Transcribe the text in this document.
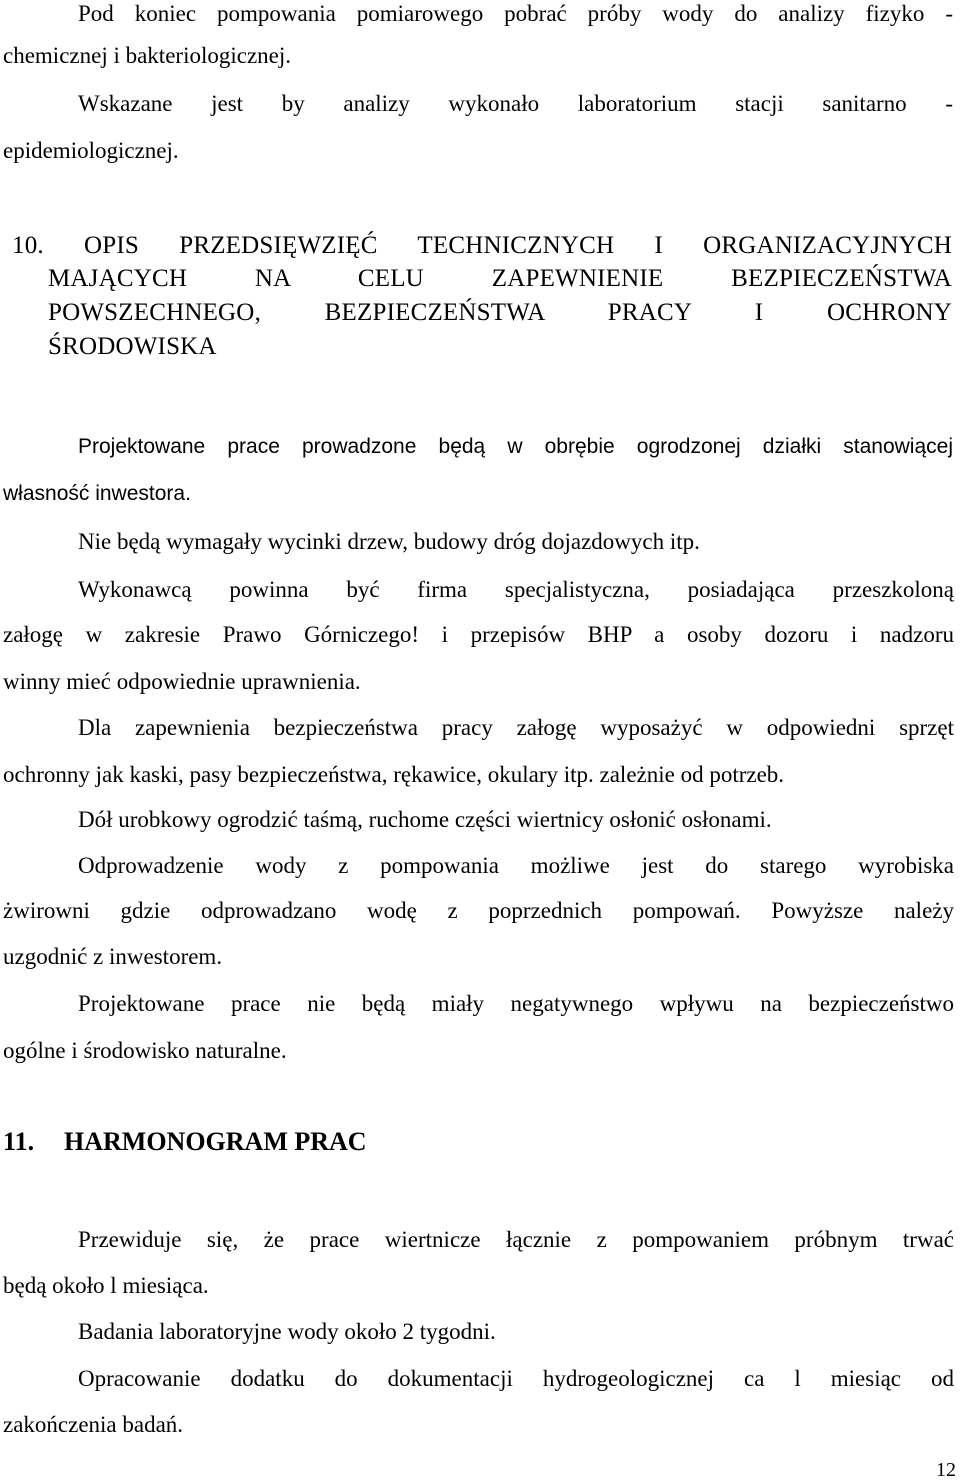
Pod koniec pompowania pomiarowego pobrać próby wody do analizy fizyko -

chemicznej i bakteriologicznej.

Wskazane jest by analizy wykonało laboratorium stacji sanitarno -

epidemiologicznej.

10. OPIS PRZEDSIĘWZIĘĆ TECHNICZNYCH I ORGANIZACYJNYCH

MAJĄCYCH NA CELU ZAPEWNIENIE BEZPIECZEŃSTWA

POWSZECHNEGO, BEZPIECZEŃSTWA PRACY I OCHRONY

ŚRODOWISKA

Projektowane prace prowadzone będą w obrębie ogrodzonej działki stanowiącej

własność inwestora.

Nie będą wymagały wycinki drzew, budowy dróg dojazdowych itp.

Wykonawcą powinna być firma specjalistyczna, posiadająca przeszkoloną

załogę w zakresie Prawo Górniczego! i przepisów BHP a osoby dozoru i nadzoru

winny mieć odpowiednie uprawnienia.

Dla zapewnienia bezpieczeństwa pracy załogę wyposażyć w odpowiedni sprzęt

ochronny jak kaski, pasy bezpieczeństwa, rękawice, okulary itp. zależnie od potrzeb.

Dół urobkowy ogrodzić taśmą, ruchome części wiertnicy osłonić osłonami.

Odprowadzenie wody z pompowania możliwe jest do starego wyrobiska

żwirowni gdzie odprowadzano wodę z poprzednich pompowań. Powyższe należy

uzgodnić z inwestorem.

Projektowane prace nie będą miały negatywnego wpływu na bezpieczeństwo

ogólne i środowisko naturalne.

11. HARMONOGRAM PRAC

Przewiduje się, że prace wiertnicze łącznie z pompowaniem próbnym trwać

będą około l miesiąca.

Badania laboratoryjne wody około 2 tygodni.

Opracowanie dodatku do dokumentacji hydrogeologicznej ca l miesiąc od

zakończenia badań.

12
